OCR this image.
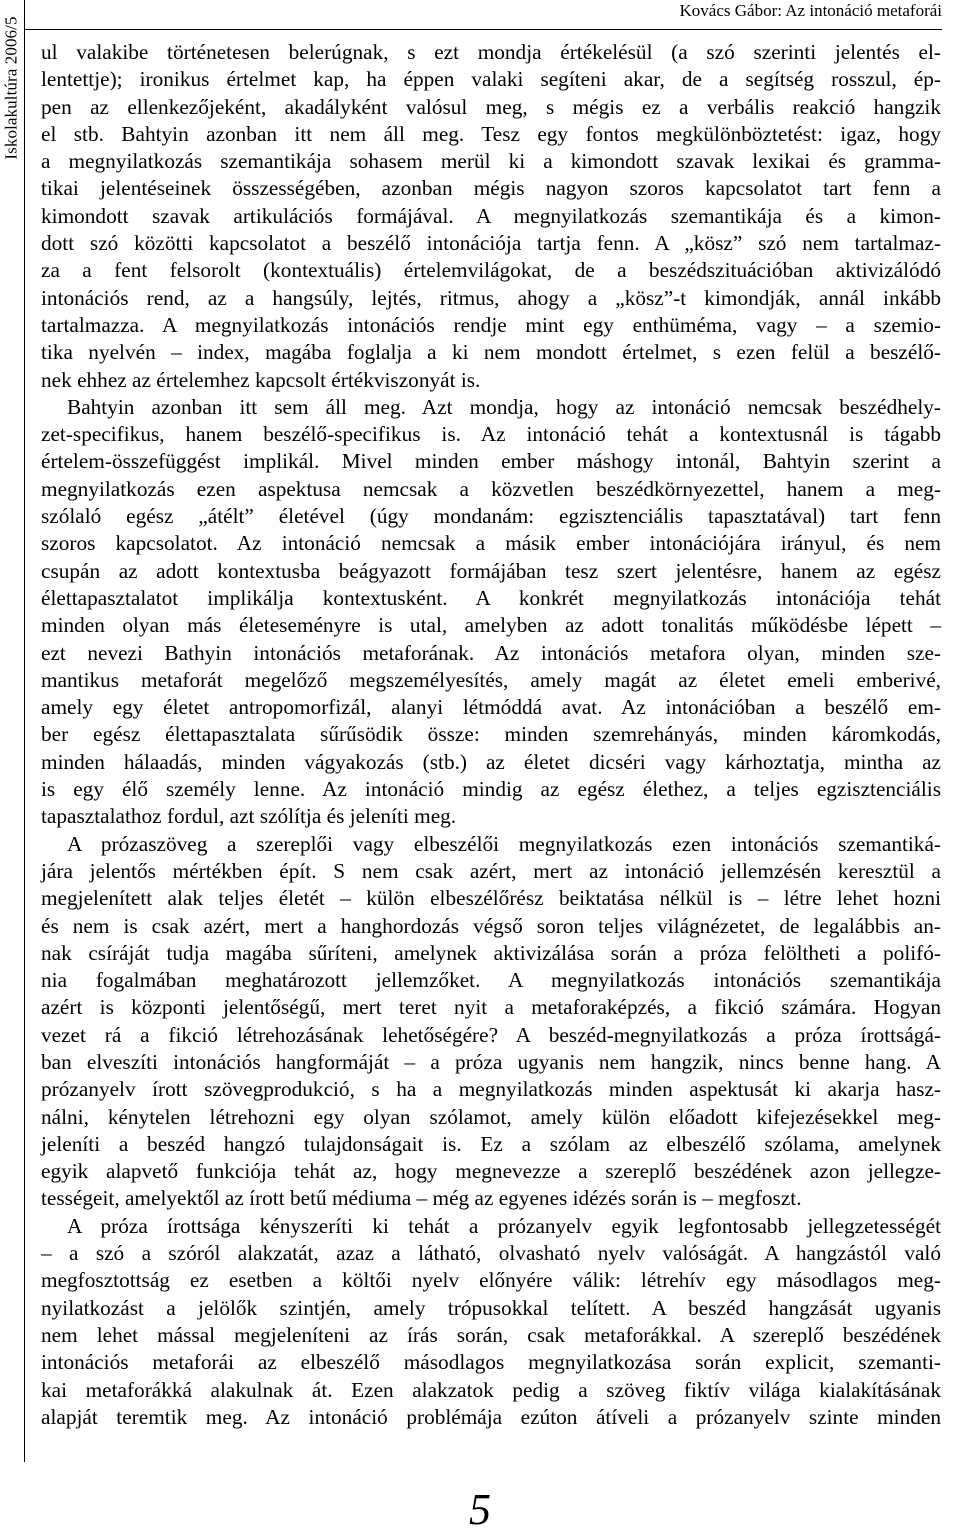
Iskolakultúra 2006/5
Kovács Gábor: Az intonáció metaforái
ul valakibe történetesen belerúgnak, s ezt mondja értékelésül (a szó szerinti jelentés el-
lentettje); ironikus értelmet kap, ha éppen valaki segíteni akar, de a segítség rosszul, ép-
pen az ellenkezőjeként, akadályként valósul meg, s mégis ez a verbális reakció hangzik
el stb. Bahtyin azonban itt nem áll meg. Tesz egy fontos megkülönböztetést: igaz, hogy
a megnyilatkozás szemantikája sohasem merül ki a kimondott szavak lexikai és gramma-
tikai jelentéseinek összességében, azonban mégis nagyon szoros kapcsolatot tart fenn a
kimondott szavak artikulációs formájával. A megnyilatkozás szemantikája és a kimon-
dott szó közötti kapcsolatot a beszélő intonációja tartja fenn. A „kösz” szó nem tartalmaz-
za a fent felsorolt (kontextuális) értelemvilágokat, de a beszédszituációban aktivizálódó
intonációs rend, az a hangsúly, lejtés, ritmus, ahogy a „kösz”-t kimondják, annál inkább
tartalmazza. A megnyilatkozás intonációs rendje mint egy enthüméma, vagy – a szemio-
tika nyelvén – index, magába foglalja a ki nem mondott értelmet, s ezen felül a beszélő-
nek ehhez az értelemhez kapcsolt értékviszonyát is.
Bahtyin azonban itt sem áll meg. Azt mondja, hogy az intonáció nemcsak beszédhely-
zet-specifikus, hanem beszélő-specifikus is. Az intonáció tehát a kontextusnál is tágabb
értelem-összefüggést implikál. Mivel minden ember máshogy intonál, Bahtyin szerint a
megnyilatkozás ezen aspektusa nemcsak a közvetlen beszédkörnyezettel, hanem a meg-
szólaló egész „átélt” életével (úgy mondanám: egzisztenciális tapasztatával) tart fenn
szoros kapcsolatot. Az intonáció nemcsak a másik ember intonációjára irányul, és nem
csupán az adott kontextusba beágyazott formájában tesz szert jelentésre, hanem az egész
élettapasztalatot implikálja kontextusként. A konkrét megnyilatkozás intonációja tehát
minden olyan más életeseményre is utal, amelyben az adott tonalitás működésbe lépett –
ezt nevezi Bathyin intonációs metaforának. Az intonációs metafora olyan, minden sze-
mantikus metaforát megelőző megszemélyesítés, amely magát az életet emeli emberivé,
amely egy életet antropomorfizál, alanyi létmóddá avat. Az intonációban a beszélő em-
ber egész élettapasztalata sűrűsödik össze: minden szemrehányás, minden káromkodás,
minden hálaadás, minden vágyakozás (stb.) az életet dicséri vagy kárhoztatja, mintha az
is egy élő személy lenne. Az intonáció mindig az egész élethez, a teljes egzisztenciális
tapasztalathoz fordul, azt szólítja és jeleníti meg.
A prózaszöveg a szereplői vagy elbeszélői megnyilatkozás ezen intonációs szemantiká-
jára jelentős mértékben épít. S nem csak azért, mert az intonáció jellemzésén keresztül a
megjelenített alak teljes életét – külön elbeszélőrész beiktatása nélkül is – létre lehet hozni
és nem is csak azért, mert a hanghordozás végső soron teljes világnézetet, de legalábbis an-
nak csíráját tudja magába sűríteni, amelynek aktivizálása során a próza felöltheti a polifó-
nia fogalmában meghatározott jellemzőket. A megnyilatkozás intonációs szemantikája
azért is központi jelentőségű, mert teret nyit a metaforaképzés, a fikció számára. Hogyan
vezet rá a fikció létrehozásának lehetőségére? A beszéd-megnyilatkozás a próza írottságá-
ban elveszíti intonációs hangformáját – a próza ugyanis nem hangzik, nincs benne hang. A
prózanyelv írott szövegprodukció, s ha a megnyilatkozás minden aspektusát ki akarja hasz-
nálni, kénytelen létrehozni egy olyan szólamot, amely külön előadott kifejezésekkel meg-
jeleníti a beszéd hangzó tulajdonságait is. Ez a szólam az elbeszélő szólama, amelynek
egyik alapvető funkciója tehát az, hogy megnevezze a szereplő beszédének azon jellegze-
tességeit, amelyektől az írott betű médiuma – még az egyenes idézés során is – megfoszt.
A próza írottsága kényszeríti ki tehát a prózanyelv egyik legfontosabb jellegzetességét
– a szó a szóról alakzatát, azaz a látható, olvasható nyelv valóságát. A hangzástól való
megfosztottság ez esetben a költői nyelv előnyére válik: létrehív egy másodlagos meg-
nyilatkozást a jelölők szintjén, amely trópusokkal telített. A beszéd hangzását ugyanis
nem lehet mással megjeleníteni az írás során, csak metaforákkal. A szereplő beszédének
intonációs metaforái az elbeszélő másodlagos megnyilatkozása során explicit, szemanti-
kai metaforákká alakulnak át. Ezen alakzatok pedig a szöveg fiktív világa kialakításának
alapját teremtik meg. Az intonáció problémája ezúton átíveli a prózanyelv szinte minden
5
